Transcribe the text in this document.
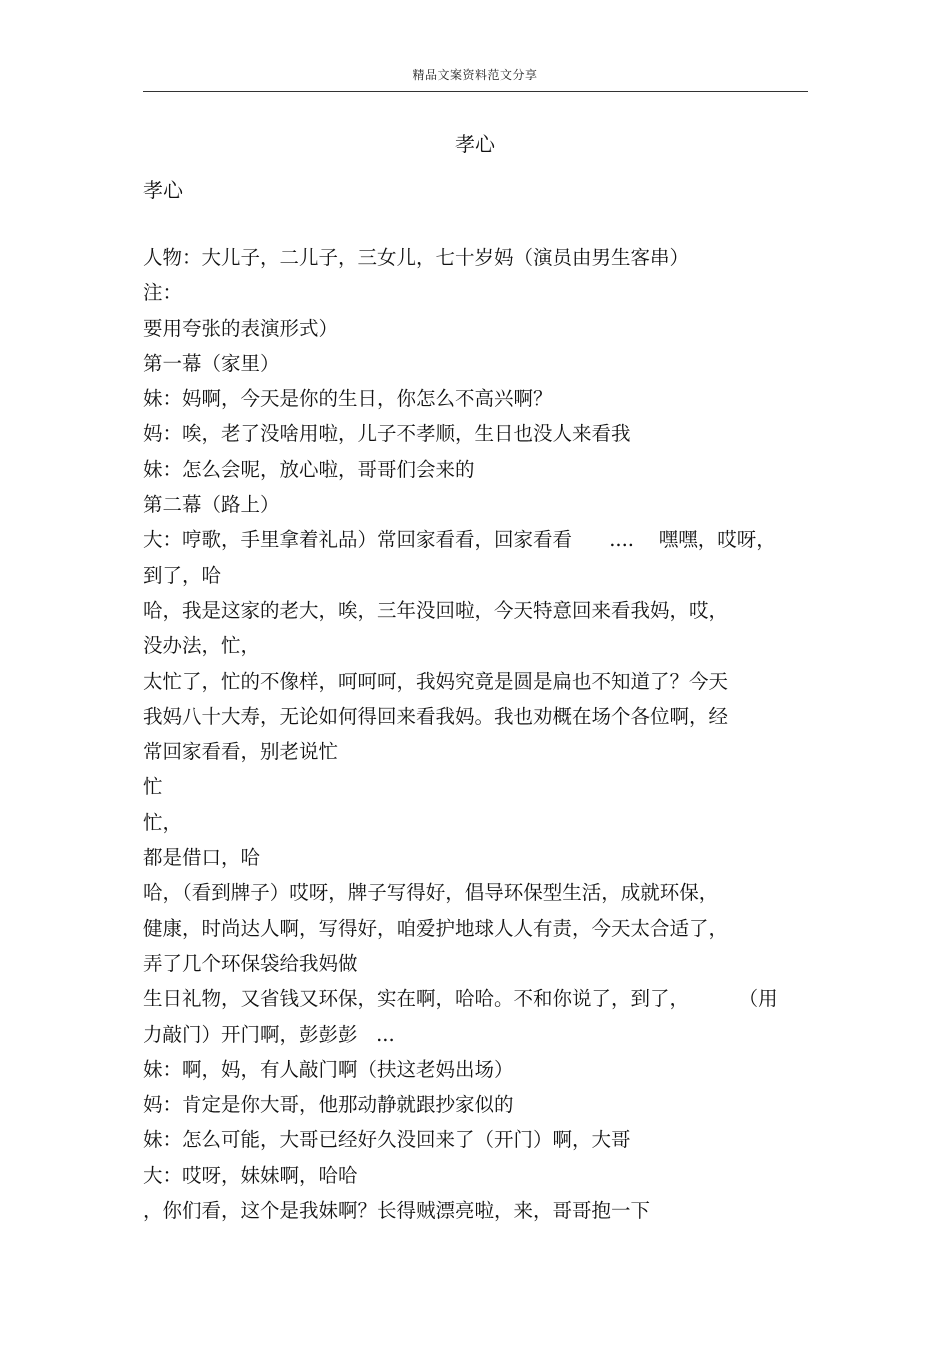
精品文案资料范文分享
孝心
孝心
人物：大儿子，二儿子，三女儿，七十岁妈（演员由男生客串）
注：
要用夸张的表演形式）
第一幕（家里）
妹：妈啊，今天是你的生日，你怎么不高兴啊？
妈：唉，老了没啥用啦，儿子不孝顺，生日也没人来看我
妹：怎么会呢，放心啦，哥哥们会来的
第二幕（路上）
大：哼歌，手里拿着礼品）常回家看看，回家看看      ....    嘿嘿，哎呀，
到了，哈
哈，我是这家的老大，唉，三年没回啦，今天特意回来看我妈，哎，
没办法，忙，
太忙了，忙的不像样，呵呵呵，我妈究竟是圆是扁也不知道了？今天
我妈八十大寿，无论如何得回来看我妈。我也劝概在场个各位啊，经
常回家看看，别老说忙
忙
忙，
都是借口，哈
哈，（看到牌子）哎呀，牌子写得好，倡导环保型生活，成就环保，
健康，时尚达人啊，写得好，咱爱护地球人人有责，今天太合适了，
弄了几个环保袋给我妈做
生日礼物，又省钱又环保，实在啊，哈哈。不和你说了，到了，        （用
力敲门）开门啊，彭彭彭   ...
妹：啊，妈，有人敲门啊（扶这老妈出场）
妈：肯定是你大哥，他那动静就跟抄家似的
妹：怎么可能，大哥已经好久没回来了（开门）啊，大哥
大：哎呀，妹妹啊，哈哈
，你们看，这个是我妹啊？长得贼漂亮啦，来，哥哥抱一下
